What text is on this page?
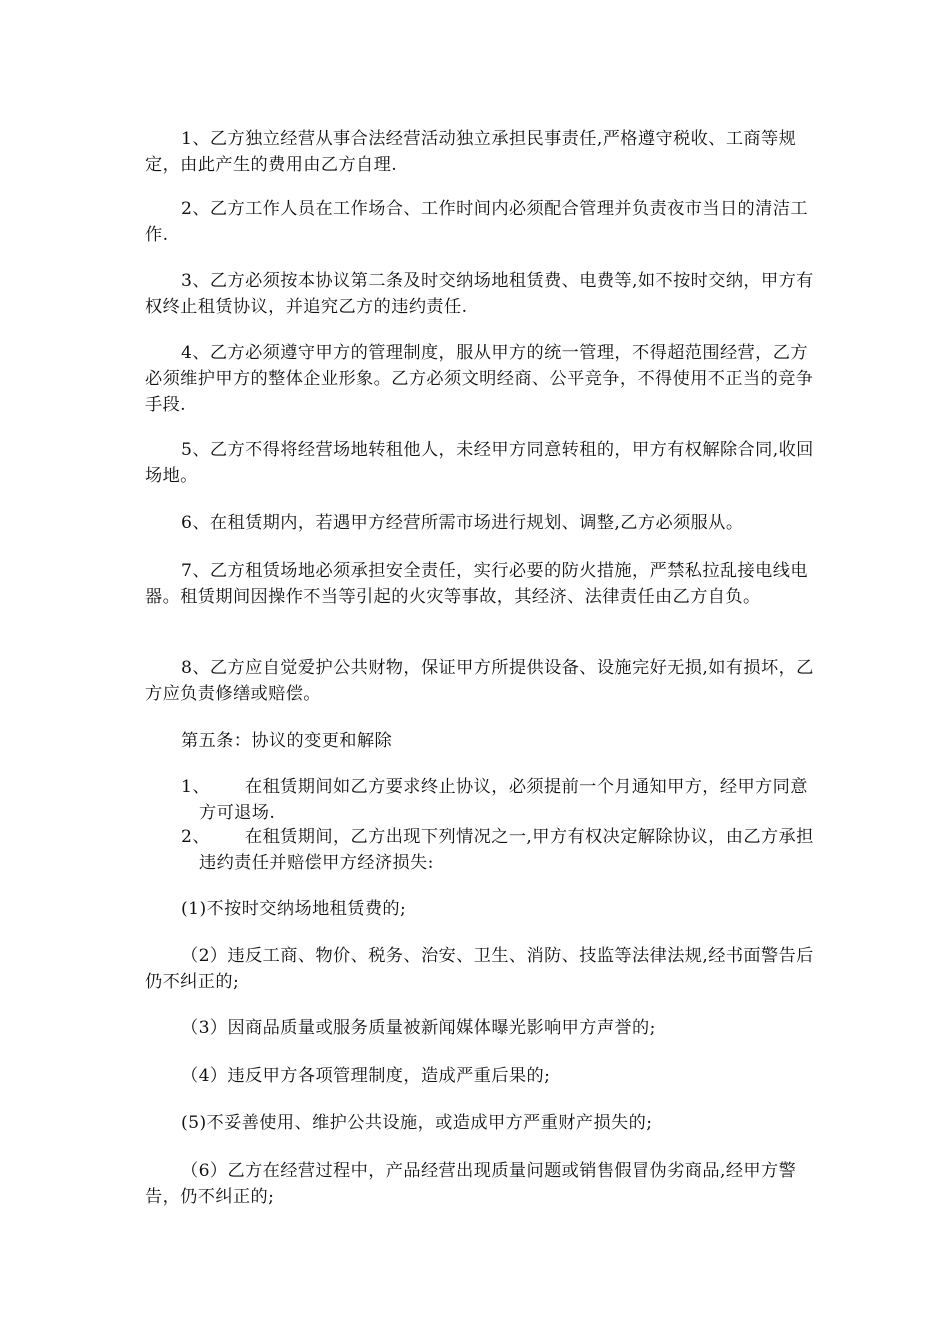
1、乙方独立经营从事合法经营活动独立承担民事责任,严格遵守税收、工商等规定，由此产生的费用由乙方自理.

2、乙方工作人员在工作场合、工作时间内必须配合管理并负责夜市当日的清洁工作.

3、乙方必须按本协议第二条及时交纳场地租赁费、电费等,如不按时交纳，甲方有权终止租赁协议，并追究乙方的违约责任.

4、乙方必须遵守甲方的管理制度，服从甲方的统一管理，不得超范围经营，乙方必须维护甲方的整体企业形象。乙方必须文明经商、公平竞争，不得使用不正当的竞争手段.

5、乙方不得将经营场地转租他人，未经甲方同意转租的，甲方有权解除合同,收回场地。

6、在租赁期内，若遇甲方经营所需市场进行规划、调整,乙方必须服从。

7、乙方租赁场地必须承担安全责任，实行必要的防火措施，严禁私拉乱接电线电器。租赁期间因操作不当等引起的火灾等事故，其经济、法律责任由乙方自负。

8、乙方应自觉爱护公共财物，保证甲方所提供设备、设施完好无损,如有损坏，乙方应负责修缮或赔偿。

第五条：协议的变更和解除

1、	在租赁期间如乙方要求终止协议，必须提前一个月通知甲方，经甲方同意方可退场.
2、	在租赁期间，乙方出现下列情况之一,甲方有权决定解除协议，由乙方承担违约责任并赔偿甲方经济损失:

(1)不按时交纳场地租赁费的;

（2）违反工商、物价、税务、治安、卫生、消防、技监等法律法规,经书面警告后仍不纠正的;

（3）因商品质量或服务质量被新闻媒体曝光影响甲方声誉的;

（4）违反甲方各项管理制度，造成严重后果的;

(5)不妥善使用、维护公共设施，或造成甲方严重财产损失的;

（6）乙方在经营过程中，产品经营出现质量问题或销售假冒伪劣商品,经甲方警告，仍不纠正的;
